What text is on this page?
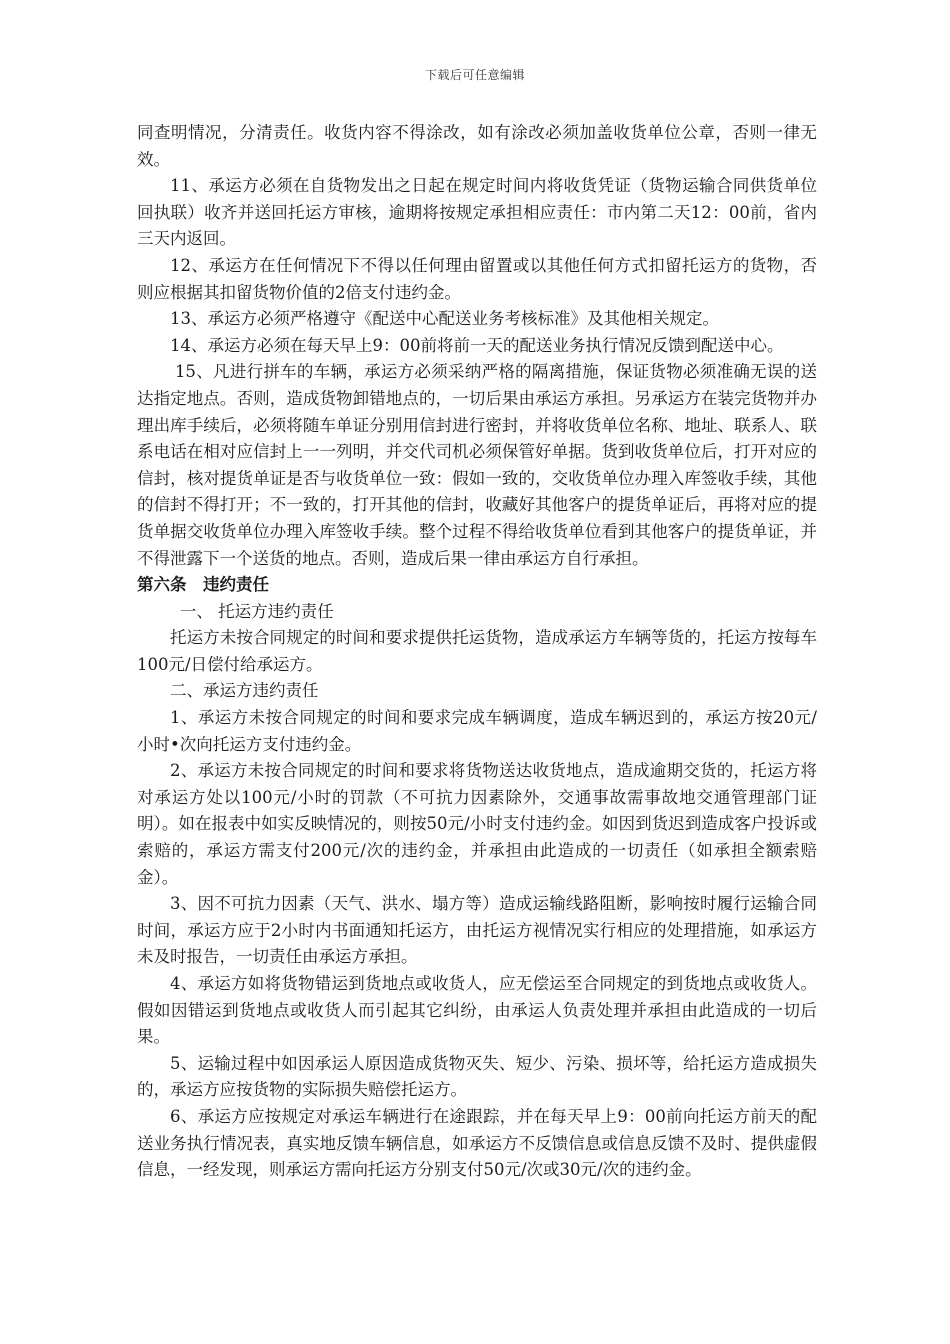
下载后可任意编辑

同查明情况，分清责任。收货内容不得涂改，如有涂改必须加盖收货单位公章，否则一律无效。

11、承运方必须在自货物发出之日起在规定时间内将收货凭证（货物运输合同供货单位回执联）收齐并送回托运方审核，逾期将按规定承担相应责任：市内第二天12：00前，省内三天内返回。

12、承运方在任何情况下不得以任何理由留置或以其他任何方式扣留托运方的货物，否则应根据其扣留货物价值的2倍支付违约金。

13、承运方必须严格遵守《配送中心配送业务考核标准》及其他相关规定。

14、承运方必须在每天早上9：00前将前一天的配送业务执行情况反馈到配送中心。

15、凡进行拼车的车辆，承运方必须采纳严格的隔离措施，保证货物必须准确无误的送达指定地点。否则，造成货物卸错地点的，一切后果由承运方承担。另承运方在装完货物并办理出库手续后，必须将随车单证分别用信封进行密封，并将收货单位名称、地址、联系人、联系电话在相对应信封上一一列明，并交代司机必须保管好单据。货到收货单位后，打开对应的信封，核对提货单证是否与收货单位一致：假如一致的，交收货单位办理入库签收手续，其他的信封不得打开；不一致的，打开其他的信封，收藏好其他客户的提货单证后，再将对应的提货单据交收货单位办理入库签收手续。整个过程不得给收货单位看到其他客户的提货单证，并不得泄露下一个送货的地点。否则，造成后果一律由承运方自行承担。

第六条　违约责任

一、 托运方违约责任

托运方未按合同规定的时间和要求提供托运货物，造成承运方车辆等货的，托运方按每车100元/日偿付给承运方。

二、承运方违约责任

1、承运方未按合同规定的时间和要求完成车辆调度，造成车辆迟到的，承运方按20元/小时•次向托运方支付违约金。

2、承运方未按合同规定的时间和要求将货物送达收货地点，造成逾期交货的，托运方将对承运方处以100元/小时的罚款（不可抗力因素除外，交通事故需事故地交通管理部门证明）。如在报表中如实反映情况的，则按50元/小时支付违约金。如因到货迟到造成客户投诉或索赔的，承运方需支付200元/次的违约金，并承担由此造成的一切责任（如承担全额索赔金）。

3、因不可抗力因素（天气、洪水、塌方等）造成运输线路阻断，影响按时履行运输合同时间，承运方应于2小时内书面通知托运方，由托运方视情况实行相应的处理措施，如承运方未及时报告，一切责任由承运方承担。

4、承运方如将货物错运到货地点或收货人，应无偿运至合同规定的到货地点或收货人。假如因错运到货地点或收货人而引起其它纠纷，由承运人负责处理并承担由此造成的一切后果。

5、运输过程中如因承运人原因造成货物灭失、短少、污染、损坏等，给托运方造成损失的，承运方应按货物的实际损失赔偿托运方。

6、承运方应按规定对承运车辆进行在途跟踪，并在每天早上9：00前向托运方前天的配送业务执行情况表，真实地反馈车辆信息，如承运方不反馈信息或信息反馈不及时、提供虚假信息，一经发现，则承运方需向托运方分别支付50元/次或30元/次的违约金。
